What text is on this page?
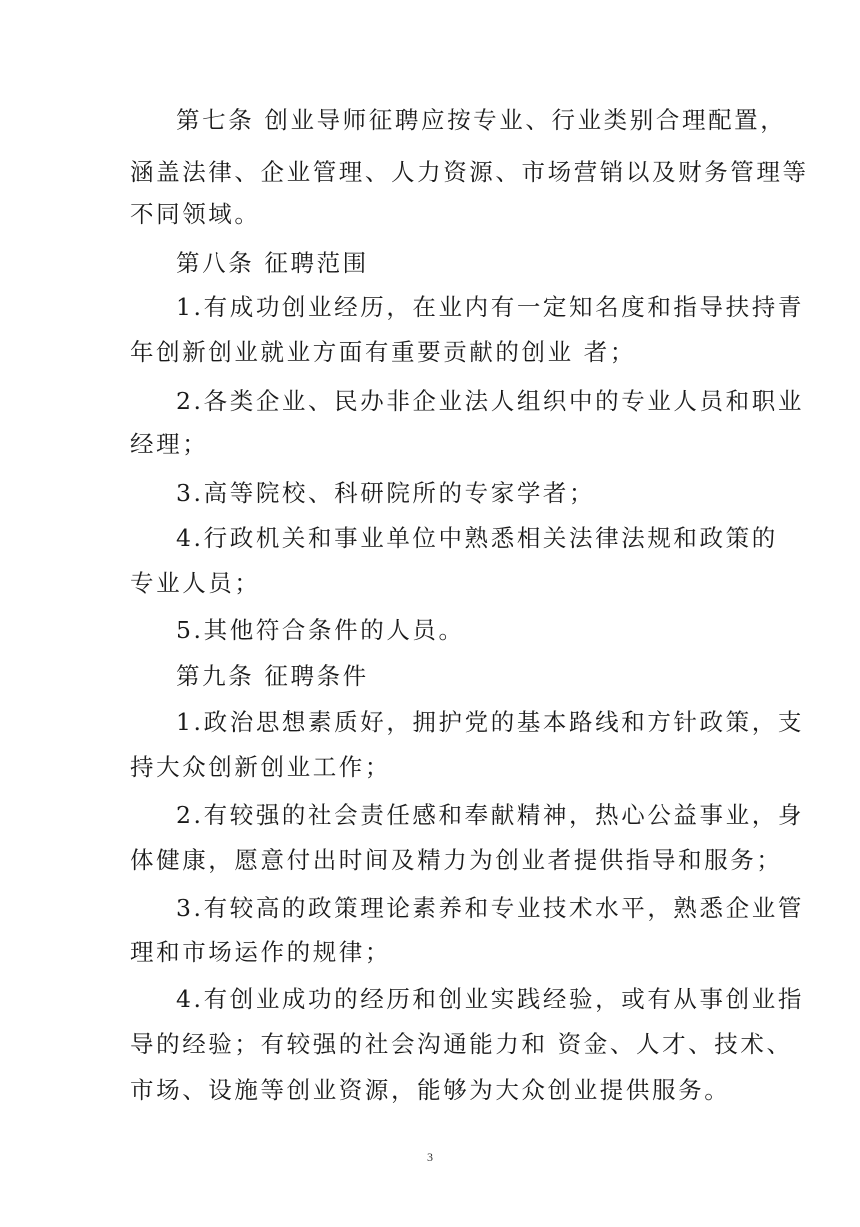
第七条 创业导师征聘应按专业、行业类别合理配置，
涵盖法律、企业管理、人力资源、市场营销以及财务管理等
不同领域。
第八条 征聘范围
1.有成功创业经历，在业内有一定知名度和指导扶持青
年创新创业就业方面有重要贡献的创业 者；
2.各类企业、民办非企业法人组织中的专业人员和职业
经理；
3.高等院校、科研院所的专家学者；
4.行政机关和事业单位中熟悉相关法律法规和政策的
专业人员；
5.其他符合条件的人员。
第九条 征聘条件
1.政治思想素质好，拥护党的基本路线和方针政策，支
持大众创新创业工作；
2.有较强的社会责任感和奉献精神，热心公益事业，身
体健康，愿意付出时间及精力为创业者提供指导和服务；
3.有较高的政策理论素养和专业技术水平，熟悉企业管
理和市场运作的规律；
4.有创业成功的经历和创业实践经验，或有从事创业指
导的经验；有较强的社会沟通能力和 资金、人才、技术、
市场、设施等创业资源，能够为大众创业提供服务。
3
